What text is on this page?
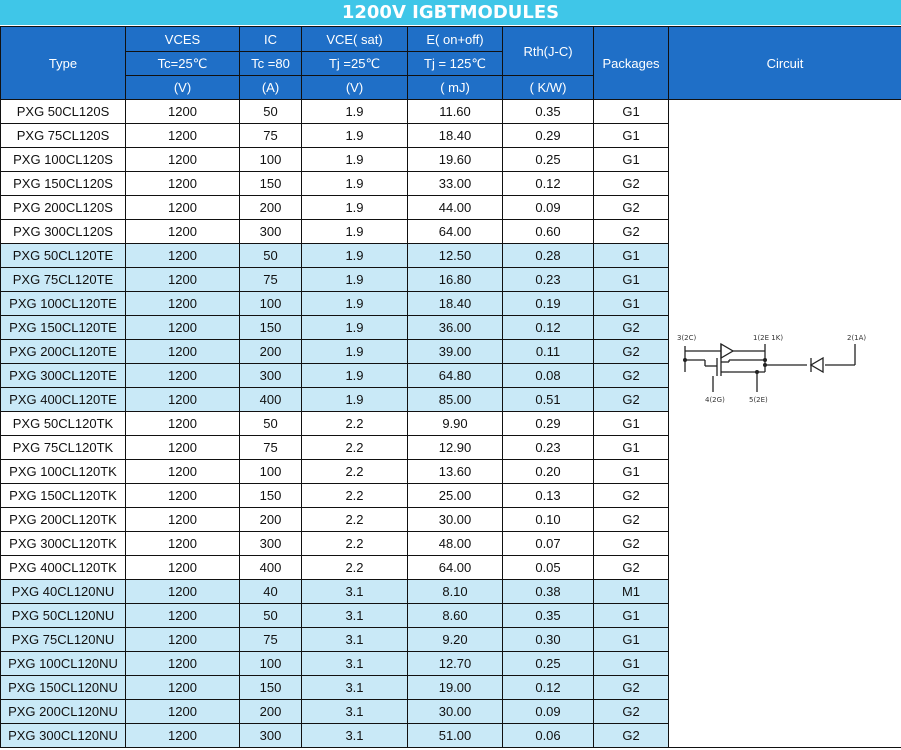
1200V IGBTMODULES
Type	VCES	IC	VCE( sat)	E( on+off)	Rth(J-C)	Packages	Circuit
	Tc=25℃	Tc =80	Tj =25℃	Tj = 125℃			
	(V)	(A)	(V)	( mJ)	( K/W)		
PXG 50CL120S	1200	50	1.9	11.60	0.35	G1	3(2C) 1(2E 1K) 2(1A)
4(2G) 5(2E)

PXG 75CL120S	1200	75	1.9	18.40	0.29	G1	
PXG 100CL120S	1200	100	1.9	19.60	0.25	G1	
PXG 150CL120S	1200	150	1.9	33.00	0.12	G2	
PXG 200CL120S	1200	200	1.9	44.00	0.09	G2	
PXG 300CL120S	1200	300	1.9	64.00	0.60	G2	
PXG 50CL120TE	1200	50	1.9	12.50	0.28	G1	
PXG 75CL120TE	1200	75	1.9	16.80	0.23	G1	
PXG 100CL120TE	1200	100	1.9	18.40	0.19	G1	
PXG 150CL120TE	1200	150	1.9	36.00	0.12	G2	
PXG 200CL120TE	1200	200	1.9	39.00	0.11	G2	
PXG 300CL120TE	1200	300	1.9	64.80	0.08	G2	
PXG 400CL120TE	1200	400	1.9	85.00	0.51	G2	
PXG 50CL120TK	1200	50	2.2	9.90	0.29	G1	
PXG 75CL120TK	1200	75	2.2	12.90	0.23	G1	
PXG 100CL120TK	1200	100	2.2	13.60	0.20	G1	
PXG 150CL120TK	1200	150	2.2	25.00	0.13	G2	
PXG 200CL120TK	1200	200	2.2	30.00	0.10	G2	
PXG 300CL120TK	1200	300	2.2	48.00	0.07	G2	
PXG 400CL120TK	1200	400	2.2	64.00	0.05	G2	
PXG 40CL120NU	1200	40	3.1	8.10	0.38	M1	
PXG 50CL120NU	1200	50	3.1	8.60	0.35	G1	
PXG 75CL120NU	1200	75	3.1	9.20	0.30	G1	
PXG 100CL120NU	1200	100	3.1	12.70	0.25	G1	
PXG 150CL120NU	1200	150	3.1	19.00	0.12	G2	
PXG 200CL120NU	1200	200	3.1	30.00	0.09	G2	
PXG 300CL120NU	1200	300	3.1	51.00	0.06	G2	
